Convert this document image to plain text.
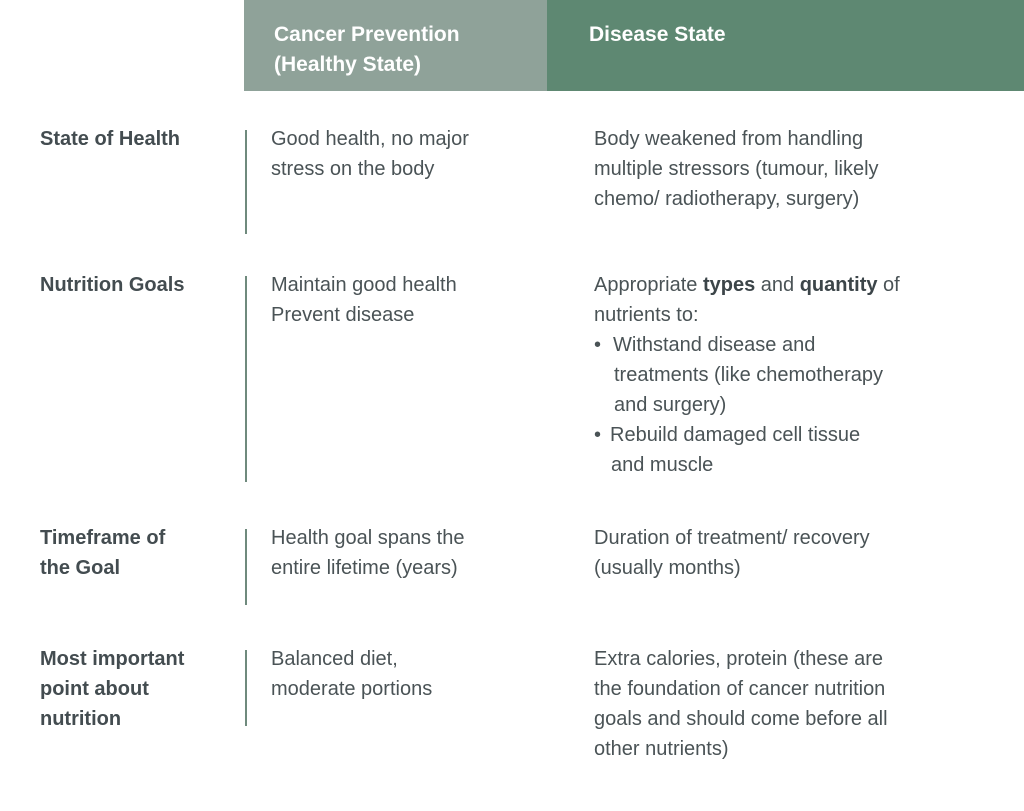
Cancer Prevention
(Healthy State)
Disease State
State of Health	Good health, no major
stress on the body
Body weakened from handling
multiple stressors (tumour, likely
chemo/ radiotherapy, surgery)
Nutrition Goals	Maintain good health
Prevent disease
Appropriate types and quantity of
nutrients to:
• Withstand disease and
treatments (like chemotherapy
and surgery)
• Rebuild damaged cell tissue
and muscle
Timeframe of
the Goal
Health goal spans the
entire lifetime (years)
Duration of treatment/ recovery
(usually months)
Most important
point about
nutrition
Balanced diet,
moderate portions
Extra calories, protein (these are
the foundation of cancer nutrition
goals and should come before all
other nutrients)
